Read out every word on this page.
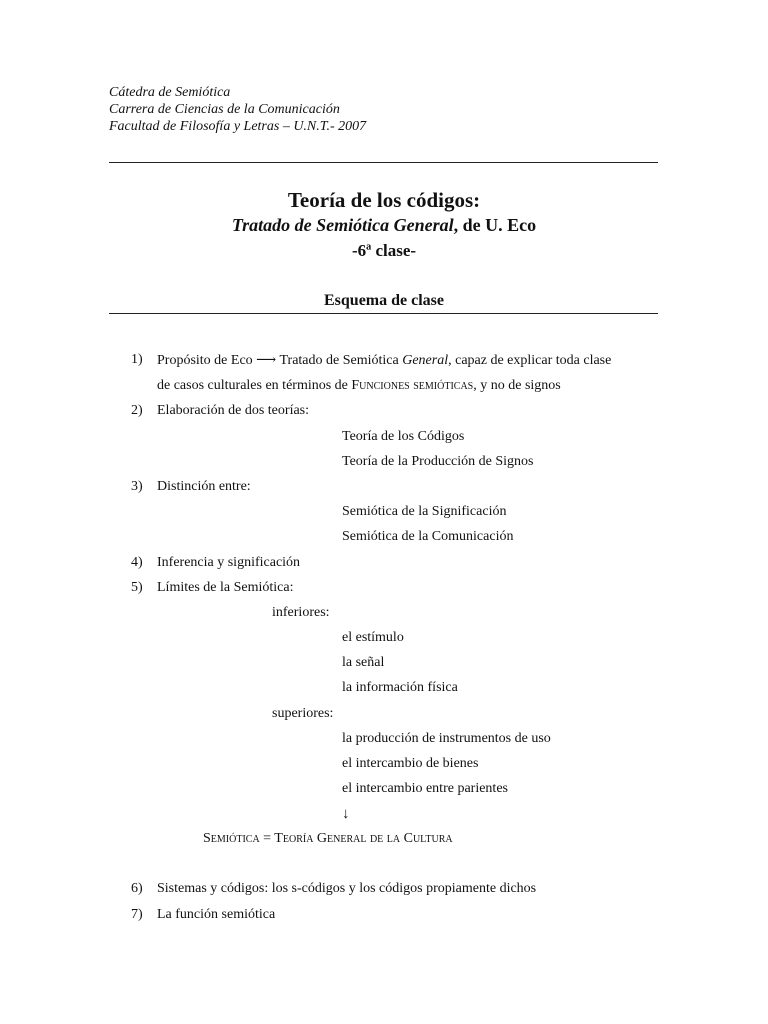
Cátedra de Semiótica
Carrera de Ciencias de la Comunicación
Facultad de Filosofía y Letras – U.N.T.- 2007
Teoría de los códigos:
Tratado de Semiótica General, de U. Eco
-6ª clase-
Esquema de clase
1) Propósito de Eco ⟶ Tratado de Semiótica General, capaz de explicar toda clase
de casos culturales en términos de Funciones semióticas, y no de signos
2) Elaboración de dos teorías:
Teoría de los Códigos
Teoría de la Producción de Signos
3) Distinción entre:
Semiótica de la Significación
Semiótica de la Comunicación
4) Inferencia y significación
5) Límites de la Semiótica:
inferiores:
el estímulo
la señal
la información física
superiores:
la producción de instrumentos de uso
el intercambio de bienes
el intercambio entre parientes
↓
Semiótica = Teoría General de la Cultura
6) Sistemas y códigos: los s-códigos y los códigos propiamente dichos
7) La función semiótica
